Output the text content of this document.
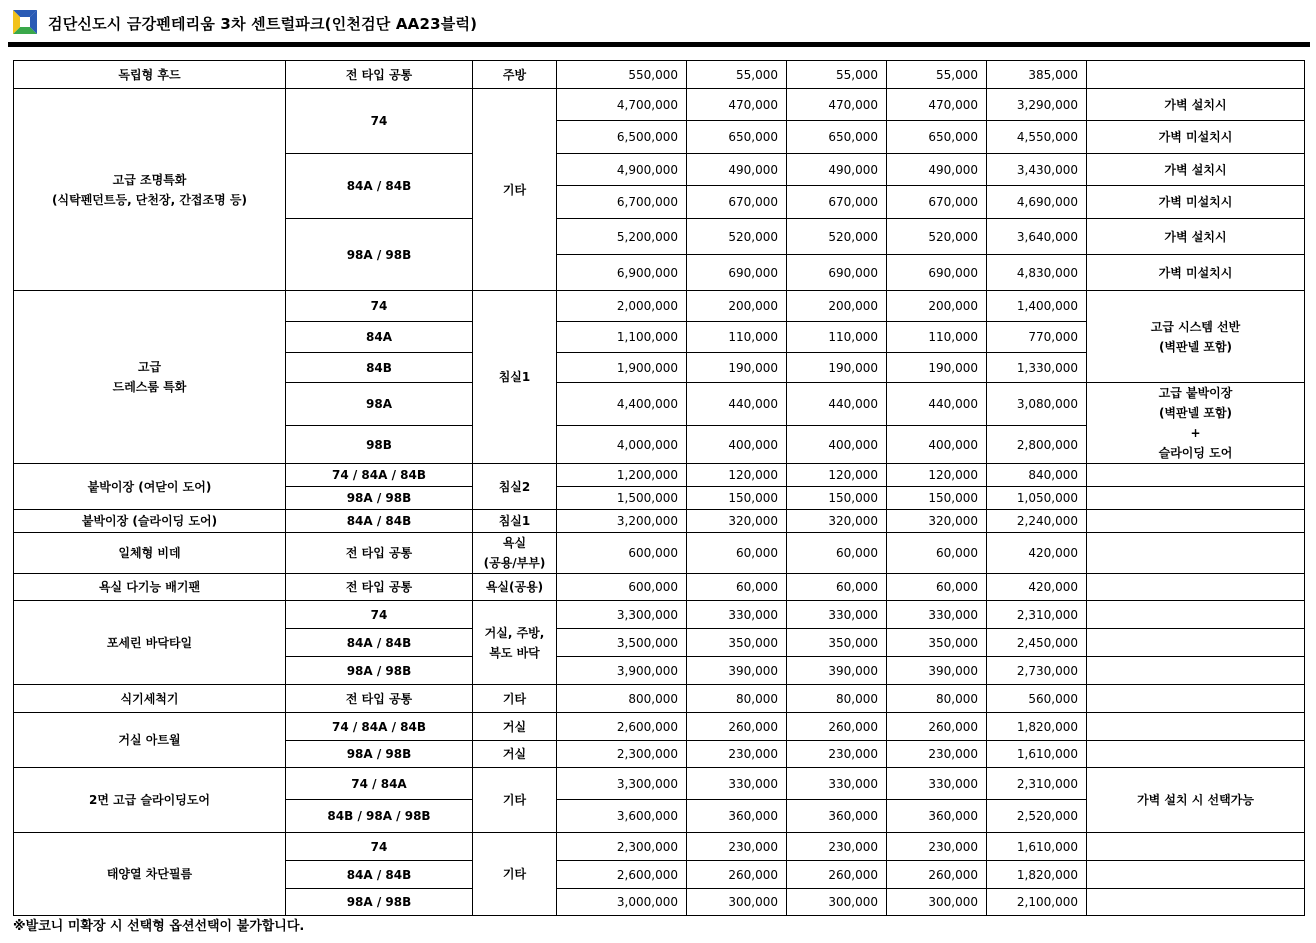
검단신도시 금강펜테리움 3차 센트럴파크(인천검단 AA23블럭)
독립형 후드	전 타입 공통	주방	550,000	55,000	55,000	55,000	385,000	
고급 조명특화
(식탁펜던트등, 단천장, 간접조명 등)	74	기타	4,700,000	470,000	470,000	470,000	3,290,000	가벽 설치시
			6,500,000	650,000	650,000	650,000	4,550,000	가벽 미설치시
	84A / 84B		4,900,000	490,000	490,000	490,000	3,430,000	가벽 설치시
			6,700,000	670,000	670,000	670,000	4,690,000	가벽 미설치시
	98A / 98B		5,200,000	520,000	520,000	520,000	3,640,000	가벽 설치시
			6,900,000	690,000	690,000	690,000	4,830,000	가벽 미설치시
고급
드레스룸 특화	74	침실1	2,000,000	200,000	200,000	200,000	1,400,000	고급 시스템 선반
(벽판넬 포함)
	84A		1,100,000	110,000	110,000	110,000	770,000	
	84B		1,900,000	190,000	190,000	190,000	1,330,000	
	98A		4,400,000	440,000	440,000	440,000	3,080,000	고급 붙박이장
(벽판넬 포함)
+
슬라이딩 도어
	98B		4,000,000	400,000	400,000	400,000	2,800,000	
붙박이장 (여닫이 도어)	74 / 84A / 84B	침실2	1,200,000	120,000	120,000	120,000	840,000	
	98A / 98B		1,500,000	150,000	150,000	150,000	1,050,000	
붙박이장 (슬라이딩 도어)	84A / 84B	침실1	3,200,000	320,000	320,000	320,000	2,240,000	
일체형 비데	전 타입 공통	욕실
(공용/부부)	600,000	60,000	60,000	60,000	420,000	
욕실 다기능 배기팬	전 타입 공통	욕실(공용)	600,000	60,000	60,000	60,000	420,000	
포세린 바닥타일	74	거실, 주방,
복도 바닥	3,300,000	330,000	330,000	330,000	2,310,000	
	84A / 84B		3,500,000	350,000	350,000	350,000	2,450,000	
	98A / 98B		3,900,000	390,000	390,000	390,000	2,730,000	
식기세척기	전 타입 공통	기타	800,000	80,000	80,000	80,000	560,000	
거실 아트월	74 / 84A / 84B	거실	2,600,000	260,000	260,000	260,000	1,820,000	
	98A / 98B	거실	2,300,000	230,000	230,000	230,000	1,610,000	
2면 고급 슬라이딩도어	74 / 84A	기타	3,300,000	330,000	330,000	330,000	2,310,000	가벽 설치 시 선택가능
	84B / 98A / 98B		3,600,000	360,000	360,000	360,000	2,520,000	
태양열 차단필름	74	기타	2,300,000	230,000	230,000	230,000	1,610,000	
	84A / 84B		2,600,000	260,000	260,000	260,000	1,820,000	
	98A / 98B		3,000,000	300,000	300,000	300,000	2,100,000	
※발코니 미확장 시 선택형 옵션선택이 불가합니다.
